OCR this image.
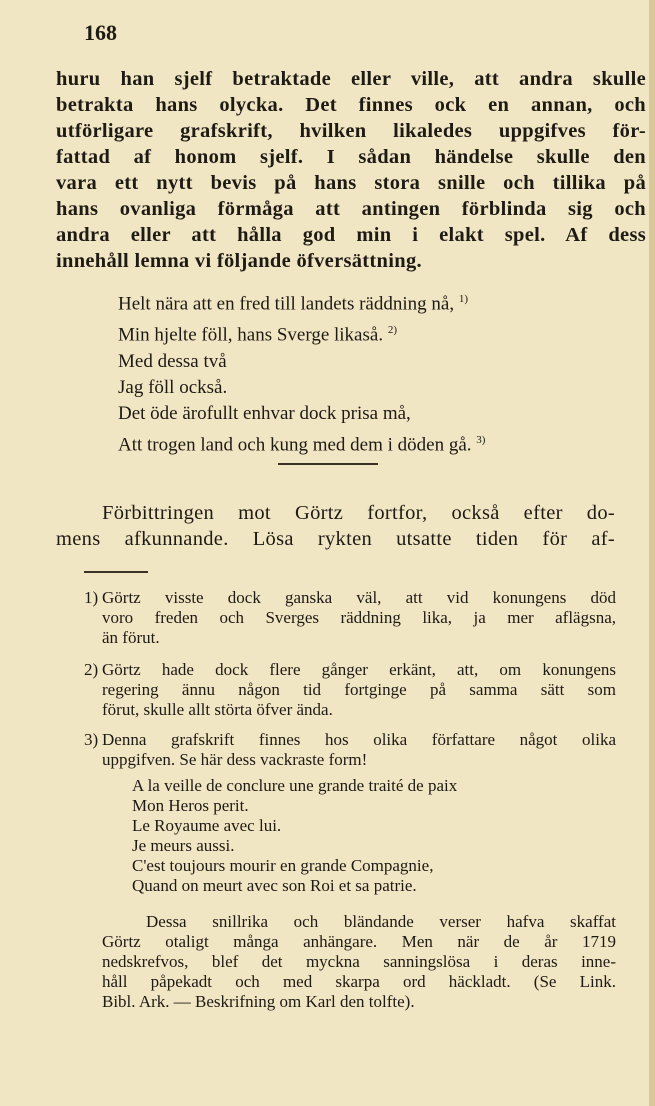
168
huru han sjelf betraktade eller ville, att andra skulle
betrakta hans olycka. Det finnes ock en annan, och
utförligare grafskrift, hvilken likaledes uppgifves för-
fattad af honom sjelf. I sådan händelse skulle den
vara ett nytt bevis på hans stora snille och tillika på
hans ovanliga förmåga att antingen förblinda sig och
andra eller att hålla god min i elakt spel. Af dess
innehåll lemna vi följande öfversättning.
Helt nära att en fred till landets räddning nå, $^{1)}$
Min hjelte föll, hans Sverge likaså. $^{2)}$
Med dessa två
Jag föll också.
Det öde ärofullt enhvar dock prisa må,
Att trogen land och kung med dem i döden gå. $^{3)}$
Förbittringen mot Görtz fortfor, också efter do-
mens afkunnande. Lösa rykten utsatte tiden för af-
1) Görtz visste dock ganska väl, att vid konungens död
voro freden och Sverges räddning lika, ja mer aflägsna,
än förut.
2) Görtz hade dock flere gånger erkänt, att, om konungens
regering ännu någon tid fortginge på samma sätt som
förut, skulle allt störta öfver ända.
3) Denna grafskrift finnes hos olika författare något olika
uppgifven. Se här dess vackraste form!
A la veille de conclure une grande traité de paix
Mon Heros perit.
Le Royaume avec lui.
Je meurs aussi.
C'est toujours mourir en grande Compagnie,
Quand on meurt avec son Roi et sa patrie.
Dessa snillrika och bländande verser hafva skaffat
Görtz otaligt många anhängare. Men när de år 1719
nedskrefvos, blef det myckna sanningslösa i deras inne-
håll påpekadt och med skarpa ord häckladt. (Se Link.
Bibl. Ark. — Beskrifning om Karl den tolfte).
